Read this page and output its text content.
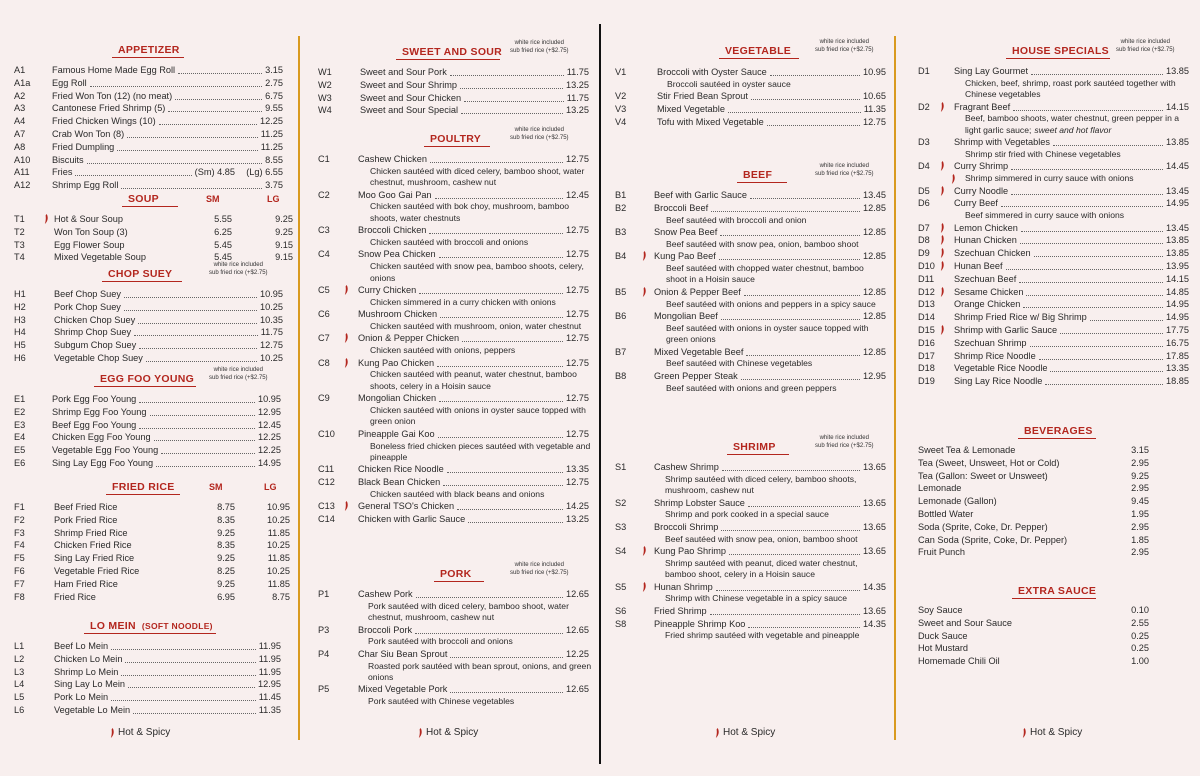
APPETIZER
A1	Famous Home Made Egg Roll	3.15
A1a Egg Roll	2.75
A2	Fried Won Ton (12) (no meat)	6.75
A3	Cantonese Fried Shrimp (5)	9.55
A4	Fried Chicken Wings (10)	12.25
A7	Crab Won Ton (8)	11.25
A8	Fried Dumpling	11.25
A10 Biscuits	8.55
A11 Fries	(Sm) 4.85	(Lg) 6.55
A12 Shrimp Egg Roll	3.75
SOUP	SM	LG
T1	Hot & Sour Soup	5.55	9.25
T2	Won Ton Soup (3)	6.25	9.25
T3	Egg Flower Soup	5.45	9.15
T4	Mixed Vegetable Soup	5.45	9.15
CHOP SUEY
white rice included
sub fried rice (+$2.75)
H1	Beef Chop Suey	10.95
H2	Pork Chop Suey	10.25
H3	Chicken Chop Suey	10.35
H4	Shrimp Chop Suey	11.75
H5	Subgum Chop Suey	12.75
H6	Vegetable Chop Suey	10.25
EGG FOO YOUNG
white rice included
sub fried rice (+$2.75)
E1	Pork Egg Foo Young	10.95
E2	Shrimp Egg Foo Young	12.95
E3	Beef Egg Foo Young	12.45
E4	Chicken Egg Foo Young	12.25
E5	Vegetable Egg Foo Young	12.25
E6	Sing Lay Egg Foo Young	14.95
FRIED RICE	SM	LG
F1	Beef Fried Rice	8.75	10.95
F2	Pork Fried Rice	8.35	10.25
F3	Shrimp Fried Rice	9.25	11.85
F4	Chicken Fried Rice	8.35	10.25
F5	Sing Lay Fried Rice	9.25	11.85
F6	Vegetable Fried Rice	8.25	10.25
F7	Ham Fried Rice	9.25	11.85
F8	Fried Rice	6.95	8.75
LO MEIN (SOFT NOODLE)
L1	Beef Lo Mein	11.95
L2	Chicken Lo Mein	11.95
L3	Shrimp Lo Mein	11.95
L4	Sing Lay Lo Mein	12.95
L5	Pork Lo Mein	11.45
L6	Vegetable Lo Mein	11.35
Hot & Spicy
SWEET AND SOUR
white rice included
sub fried rice (+$2.75)
W1	Sweet and Sour Pork	11.75
W2	Sweet and Sour Shrimp	13.25
W3	Sweet and Sour Chicken	11.75
W4	Sweet and Sour Special	13.25
POULTRY
white rice included
sub fried rice (+$2.75)
C1	Cashew Chicken	12.75
Chicken sautéed with diced celery, bamboo shoot, water chestnut, mushroom, cashew nut
C2	Moo Goo Gai Pan	12.45
Chicken sautéed with bok choy, mushroom, bamboo shoots, water chestnuts
C3	Broccoli Chicken	12.75
Chicken sautéed with broccoli and onions
C4	Snow Pea Chicken	12.75
Chicken sautéed with snow pea, bamboo shoots, celery, onions
C5	Curry Chicken	12.75
Chicken simmered in a curry chicken with onions
C6	Mushroom Chicken	12.75
Chicken sautéed with mushroom, onion, water chestnut
C7	Onion & Pepper Chicken	12.75
Chicken sautéed with onions, peppers
C8	Kung Pao Chicken	12.75
Chicken sautéed with peanut, water chestnut, bamboo shoots, celery in a Hoisin sauce
C9	Mongolian Chicken	12.75
Chicken sautéed with onions in oyster sauce topped with green onion
C10	Pineapple Gai Koo	12.75
Boneless fried chicken pieces sautéed with vegetable and pineapple
C11	Chicken Rice Noodle	13.35
C12	Black Bean Chicken	12.75
Chicken sautéed with black beans and onions
C13	General TSO's Chicken	14.25
C14	Chicken with Garlic Sauce	13.25
PORK
white rice included
sub fried rice (+$2.75)
P1	Cashew Pork	12.65
Pork sautéed with diced celery, bamboo shoot, water chestnut, mushroom, cashew nut
P3	Broccoli Pork	12.65
Pork sautéed with broccoli and onions
P4	Char Siu Bean Sprout	12.25
Roasted pork sautéed with bean sprout, onions, and green onions
P5	Mixed Vegetable Pork	12.65
Pork sautéed with Chinese vegetables
Hot & Spicy
VEGETABLE
white rice included
sub fried rice (+$2.75)
V1	Broccoli with Oyster Sauce	10.95
Broccoli sautéed in oyster sauce
V2	Stir Fried Bean Sprout	10.65
V3	Mixed Vegetable	11.35
V4	Tofu with Mixed Vegetable	12.75
BEEF
white rice included
sub fried rice (+$2.75)
B1	Beef with Garlic Sauce	13.45
B2	Broccoli Beef	12.85
Beef sautéed with broccoli and onion
B3	Snow Pea Beef	12.85
Beef sautéed with snow pea, onion, bamboo shoot
B4	Kung Pao Beef	12.85
Beef sautéed with chopped water chestnut, bamboo shoot in a Hoisin sauce
B5	Onion & Pepper Beef	12.85
Beef sautéed with onions and peppers in a spicy sauce
B6	Mongolian Beef	12.85
Beef sautéed with onions in oyster sauce topped with green onions
B7	Mixed Vegetable Beef	12.85
Beef sautéed with Chinese vegetables
B8	Green Pepper Steak	12.95
Beef sautéed with onions and green peppers
SHRIMP
white rice included
sub fried rice (+$2.75)
S1	Cashew Shrimp	13.65
Shrimp sautéed with diced celery, bamboo shoots, mushroom, cashew nut
S2	Shrimp Lobster Sauce	13.65
Shrimp and pork cooked in a special sauce
S3	Broccoli Shrimp	13.65
Beef sautéed with snow pea, onion, bamboo shoot
S4	Kung Pao Shrimp	13.65
Shrimp sautéed with peanut, diced water chestnut, bamboo shoot, celery in a Hoisin sauce
S5	Hunan Shrimp	14.35
Shrimp with Chinese vegetable in a spicy sauce
S6	Fried Shrimp	13.65
S8	Pineapple Shrimp Koo	14.35
Fried shrimp sautéed with vegetable and pineapple
Hot & Spicy
HOUSE SPECIALS
white rice included
sub fried rice (+$2.75)
D1	Sing Lay Gourmet	13.85
Chicken, beef, shrimp, roast pork sautéed together with Chinese vegetables
D2	Fragrant Beef	14.15
Beef, bamboo shoots, water chestnut, green pepper in a light garlic sauce; sweet and hot flavor
D3	Shrimp with Vegetables	13.85
Shrimp stir fried with Chinese vegetables
D4	Curry Shrimp	14.45
Shrimp simmered in curry sauce with onions
D5	Curry Noodle	13.45
D6	Curry Beef	14.95
Beef simmered in curry sauce with onions
D7	Lemon Chicken	13.45
D8	Hunan Chicken	13.85
D9	Szechuan Chicken	13.85
D10 Hunan Beef	13.95
D11 Szechuan Beef	14.15
D12 Sesame Chicken	14.85
D13 Orange Chicken	14.95
D14 Shrimp Fried Rice w/ Big Shrimp	14.95
D15 Shrimp with Garlic Sauce	17.75
D16 Szechuan Shrimp	16.75
D17 Shrimp Rice Noodle	17.85
D18 Vegetable Rice Noodle	13.35
D19 Sing Lay Rice Noodle	18.85
BEVERAGES
Sweet Tea & Lemonade	3.15
Tea (Sweet, Unsweet, Hot or Cold)	2.95
Tea (Gallon: Sweet or Unsweet)	9.25
Lemonade	2.95
Lemonade (Gallon)	9.45
Bottled Water	1.95
Soda (Sprite, Coke, Dr. Pepper)	2.95
Can Soda (Sprite, Coke, Dr. Pepper)	1.85
Fruit Punch	2.95
EXTRA SAUCE
Soy Sauce	0.10
Sweet and Sour Sauce	2.55
Duck Sauce	0.25
Hot Mustard	0.25
Homemade Chili Oil	1.00
Hot & Spicy
